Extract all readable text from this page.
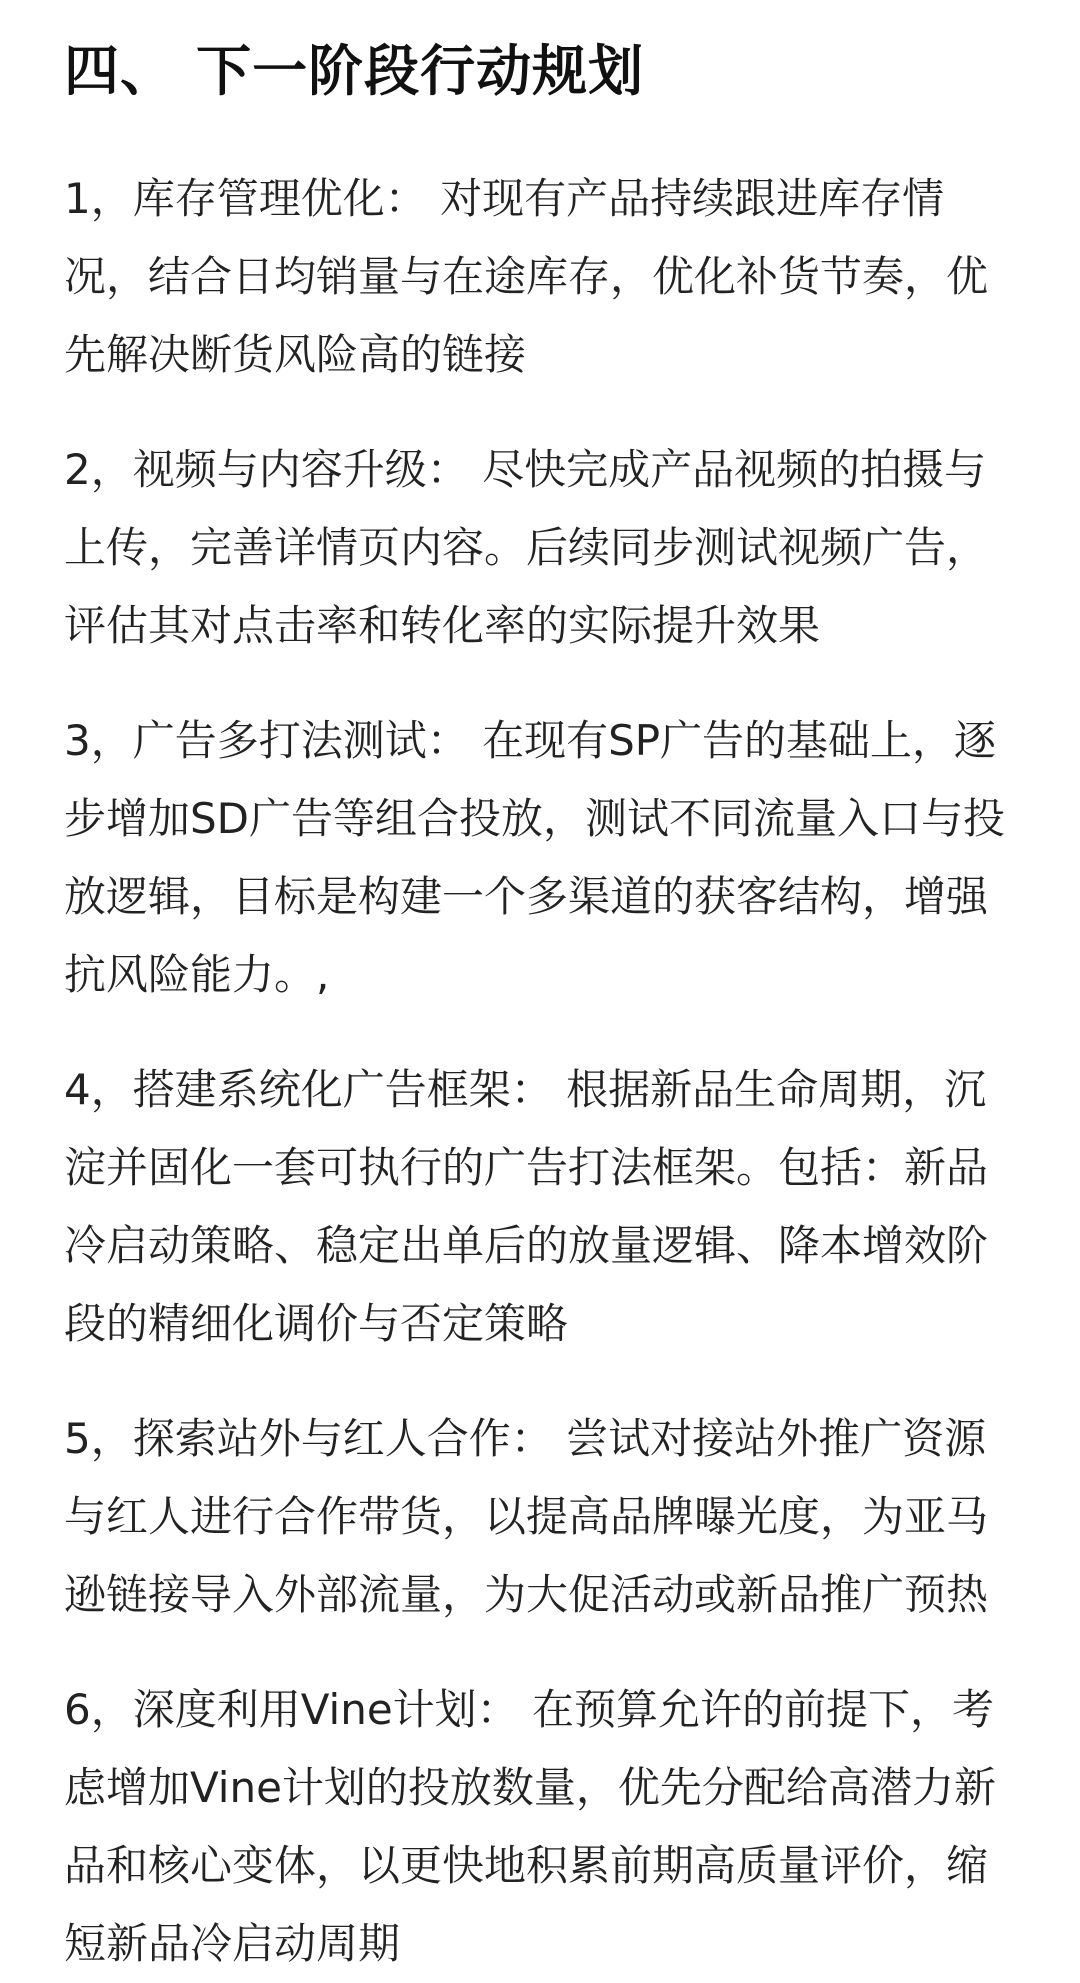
四、 下一阶段行动规划

1，库存管理优化： 对现有产品持续跟进库存情
况，结合日均销量与在途库存，优化补货节奏，优
先解决断货风险高的链接

2，视频与内容升级： 尽快完成产品视频的拍摄与
上传，完善详情页内容。后续同步测试视频广告，
评估其对点击率和转化率的实际提升效果

3，广告多打法测试： 在现有SP广告的基础上，逐
步增加SD广告等组合投放，测试不同流量入口与投
放逻辑，目标是构建一个多渠道的获客结构，增强
抗风险能力。,

4，搭建系统化广告框架： 根据新品生命周期，沉
淀并固化一套可执行的广告打法框架。包括：新品
冷启动策略、稳定出单后的放量逻辑、降本增效阶
段的精细化调价与否定策略

5，探索站外与红人合作： 尝试对接站外推广资源
与红人进行合作带货，以提高品牌曝光度，为亚马
逊链接导入外部流量，为大促活动或新品推广预热

6，深度利用Vine计划： 在预算允许的前提下，考
虑增加Vine计划的投放数量，优先分配给高潜力新
品和核心变体，以更快地积累前期高质量评价，缩
短新品冷启动周期
